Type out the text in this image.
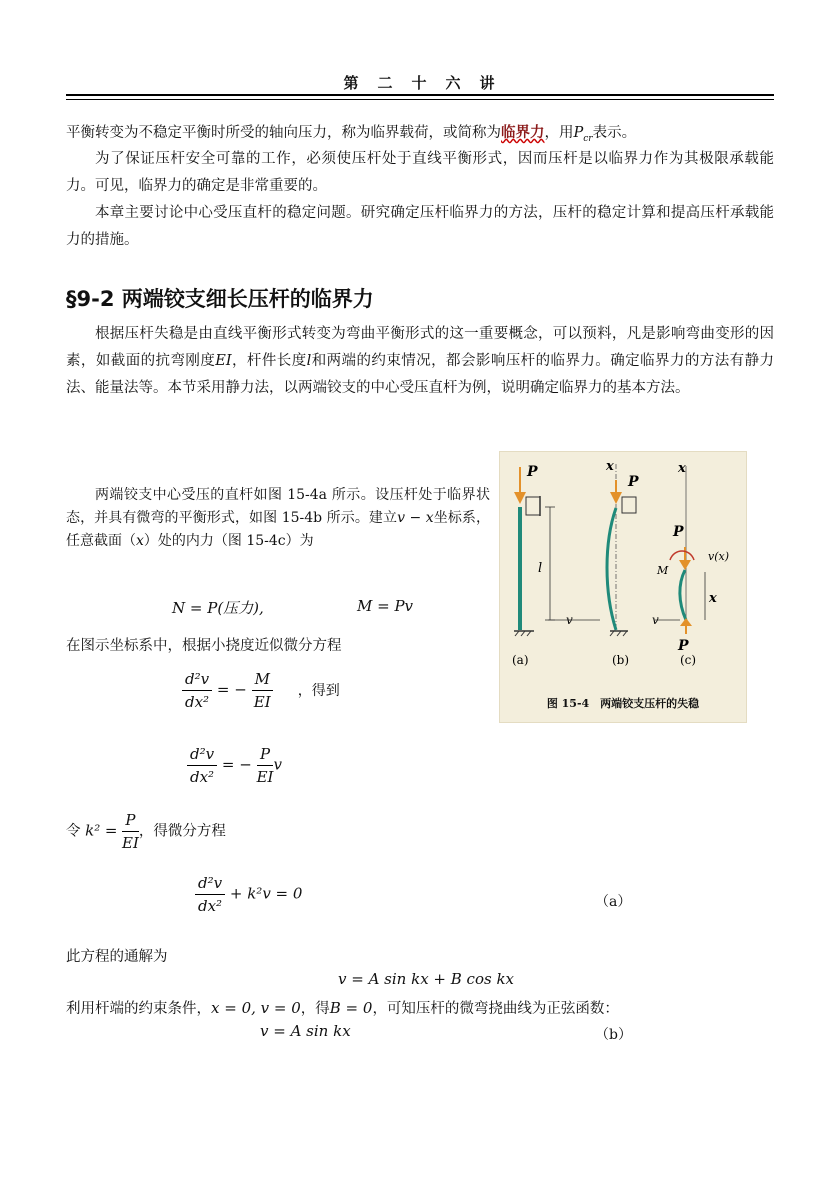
第　二　十　六　讲
平衡转变为不稳定平衡时所受的轴向压力，称为临界载荷，或简称为临界力，用$P_{cr}$表示。
为了保证压杆安全可靠的工作，必须使压杆处于直线平衡形式，因而压杆是以临界力作为其极限承载能力。可见，临界力的确定是非常重要的。
本章主要讨论中心受压直杆的稳定问题。研究确定压杆临界力的方法，压杆的稳定计算和提高压杆承载能力的措施。
§9-2 两端铰支细长压杆的临界力
根据压杆失稳是由直线平衡形式转变为弯曲平衡形式的这一重要概念，可以预料，凡是影响弯曲变形的因素，如截面的抗弯刚度EI，杆件长度l和两端的约束情况，都会影响压杆的临界力。确定临界力的方法有静力法、能量法等。本节采用静力法，以两端铰支的中心受压直杆为例，说明确定临界力的基本方法。
两端铰支中心受压的直杆如图 15-4a 所示。设压杆处于临界状态，并具有微弯的平衡形式，如图 15-4b 所示。建立v − x坐标系，任意截面（x）处的内力（图 15-4c）为
N = P(压力),	M = Pv
在图示坐标系中，根据小挠度近似微分方程
$\frac{\text{d²v}}{\text{dx²}}$ = − $\frac{M}{EI}$ ，得到
$\frac{\text{d²v}}{\text{dx²}}$ = − $\frac{P}{EI}$ v
令 $k^2 = \frac{P}{EI}$ ，得微分方程
$\frac{\text{d²v}}{\text{dx²}} + k^2v = 0$	（a）
此方程的通解为
v = A sin kx + B cos kx
利用杆端的约束条件，x = 0, v = 0，得B = 0，可知压杆的微弯挠曲线为正弦函数：
v = A sin kx	（b）
P
l
v
(a)
x
P
(b)
x
P
M
v(x)
x
P
v
(c)
图 15-4　两端铰支压杆的失稳
